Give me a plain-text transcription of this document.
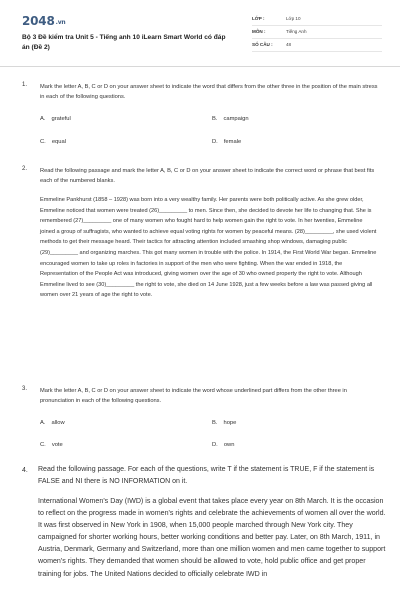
2048.vn
Bộ 3 Đề kiểm tra Unit 5 - Tiếng anh 10 iLearn Smart World có đáp án (Đề 2)
LỚP :	Lớp 10
MÔN :	Tiếng Anh
SỐ CÂU :	48
1. Mark the letter A, B, C or D on your answer sheet to indicate the word that differs from the other three in the position of the main stress in each of the following questions.
A. grateful	B. campaign
C. equal	D. female
2. Read the following passage and mark the letter A, B, C or D on your answer sheet to indicate the correct word or phrase that best fits each of the numbered blanks.
Emmeline Pankhurst (1858 – 1928) was born into a very wealthy family. Her parents were both politically active. As she grew older, Emmeline noticed that women were treated (26)_________ to men. Since then, she decided to devote her life to changing that. She is remembered (27)_________ one of many women who fought hard to help women gain the right to vote. In her twenties, Emmeline joined a group of suffragists, who wanted to achieve equal voting rights for women by peaceful means. (28)_________, she used violent methods to get their message heard. Their tactics for attracting attention included smashing shop windows, damaging public (29)_________ and organizing marches. This got many women in trouble with the police. In 1914, the First World War began. Emmeline encouraged women to take up roles in factories in support of the men who were fighting. When the war ended in 1918, the Representation of the People Act was introduced, giving women over the age of 30 who owned property the right to vote. Although Emmeline lived to see (30)_________ the right to vote, she died on 14 June 1928, just a few weeks before a law was passed giving all women over 21 years of age the right to vote.
3. Mark the letter A, B, C or D on your answer sheet to indicate the word whose underlined part differs from the other three in pronunciation in each of the following questions.
A. allow	B. hope
C. vote	D. own
4. Read the following passage. For each of the questions, write T if the statement is TRUE, F if the statement is FALSE and NI there is NO INFORMATION on it.
International Women's Day (IWD) is a global event that takes place every year on 8th March. It is the occasion to reflect on the progress made in women's rights and celebrate the achievements of women all over the world. It was first observed in New York in 1908, when 15,000 people marched through New York city. They campaigned for shorter working hours, better working conditions and better pay. Later, on 8th March, 1911, in Austria, Denmark, Germany and Switzerland, more than one million women and men came together to support women's rights. They demanded that women should be allowed to vote, hold public office and get proper training for jobs. The United Nations decided to officially celebrate IWD in
